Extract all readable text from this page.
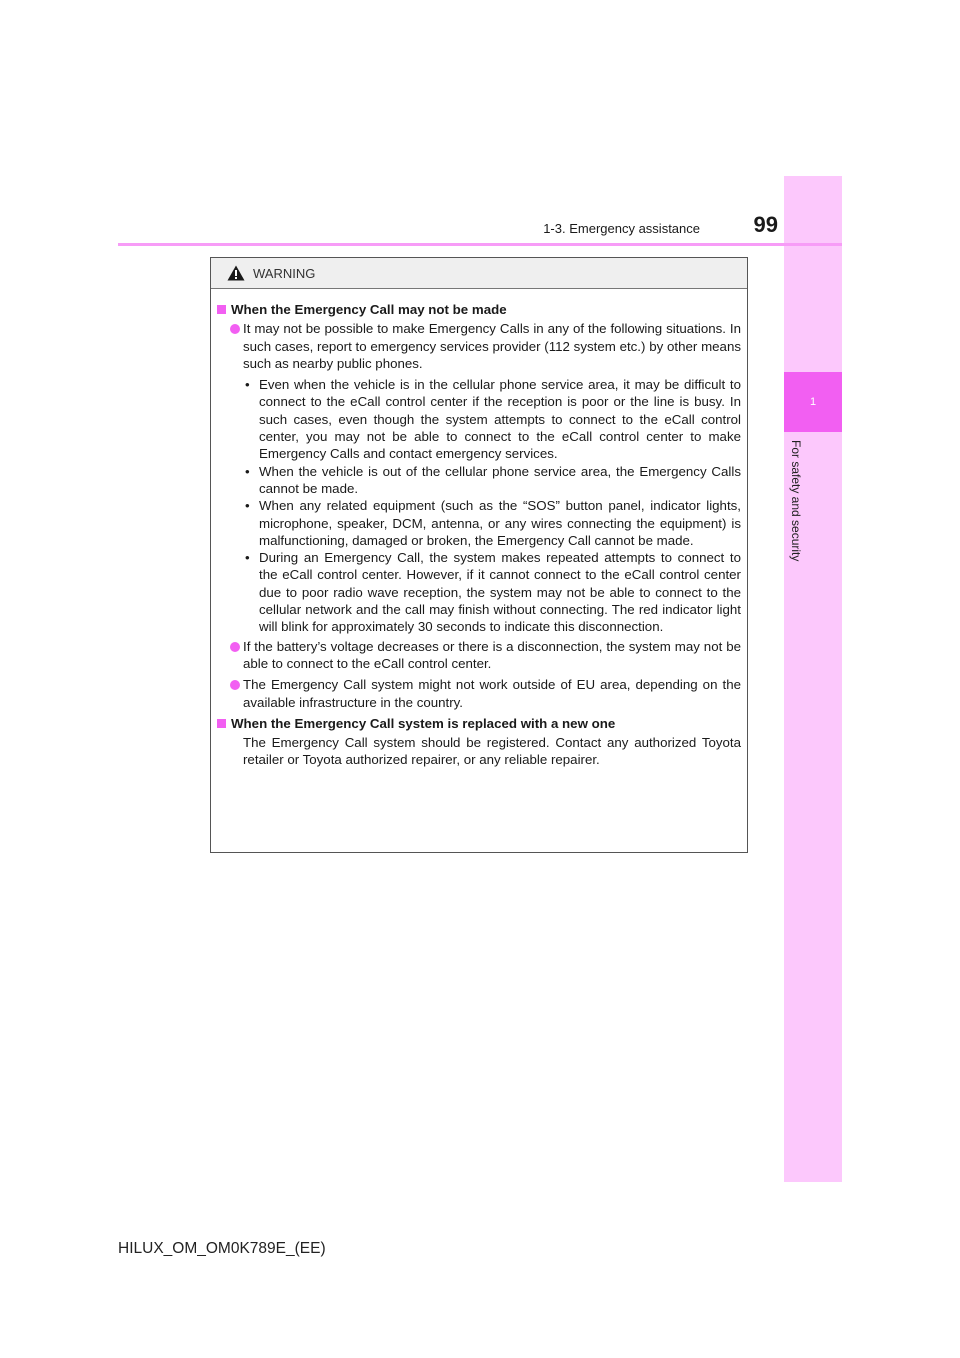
1
For safety and security
1-3. Emergency assistance	99
WARNING
When the Emergency Call may not be made
It may not be possible to make Emergency Calls in any of the following situations. In such cases, report to emergency services provider (112 system etc.) by other means such as nearby public phones.
• Even when the vehicle is in the cellular phone service area, it may be difficult to connect to the eCall control center if the reception is poor or the line is busy. In such cases, even though the system attempts to connect to the eCall control center, you may not be able to connect to the eCall control center to make Emergency Calls and contact emergency services.
• When the vehicle is out of the cellular phone service area, the Emergency Calls cannot be made.
• When any related equipment (such as the “SOS” button panel, indicator lights, microphone, speaker, DCM, antenna, or any wires connecting the equipment) is malfunctioning, damaged or broken, the Emergency Call cannot be made.
• During an Emergency Call, the system makes repeated attempts to connect to the eCall control center. However, if it cannot connect to the eCall control center due to poor radio wave reception, the system may not be able to connect to the cellular network and the call may finish without connecting. The red indicator light will blink for approximately 30 seconds to indicate this disconnection.
If the battery’s voltage decreases or there is a disconnection, the system may not be able to connect to the eCall control center.
The Emergency Call system might not work outside of EU area, depending on the available infrastructure in the country.
When the Emergency Call system is replaced with a new one
The Emergency Call system should be registered. Contact any authorized Toyota retailer or Toyota authorized repairer, or any reliable repairer.
HILUX_OM_OM0K789E_(EE)
